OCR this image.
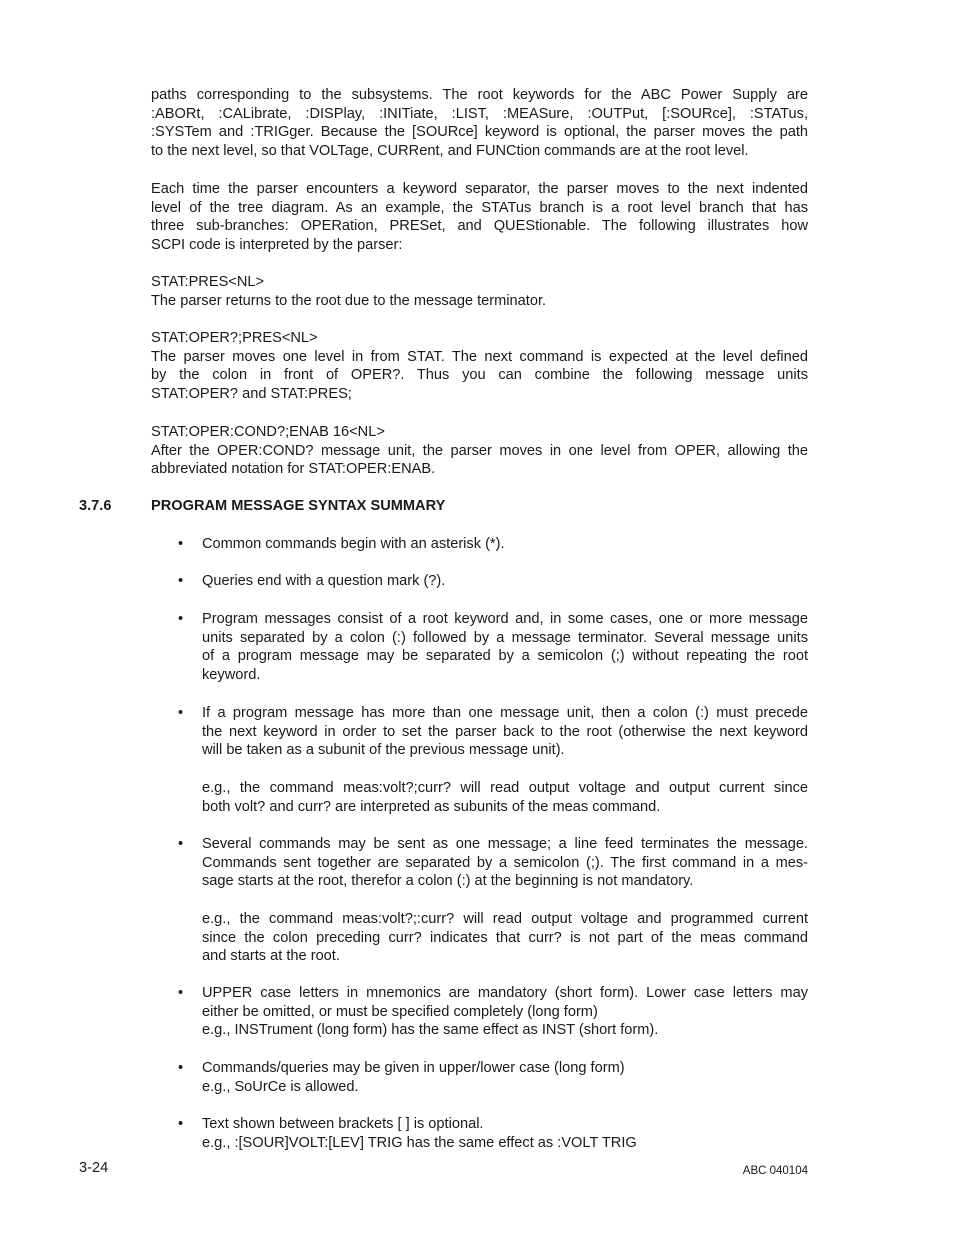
paths corresponding to the subsystems. The root keywords for the ABC Power Supply are
:ABORt, :CALibrate, :DISPlay, :INITiate, :LIST, :MEASure, :OUTPut, [:SOURce], :STATus,
:SYSTem and :TRIGger. Because the [SOURce] keyword is optional, the parser moves the path
to the next level, so that VOLTage, CURRent, and FUNCtion commands are at the root level.
Each time the parser encounters a keyword separator, the parser moves to the next indented
level of the tree diagram. As an example, the STATus branch is a root level branch that has
three sub-branches: OPERation, PRESet, and QUEStionable. The following illustrates how
SCPI code is interpreted by the parser:
STAT:PRES<NL>
The parser returns to the root due to the message terminator.
STAT:OPER?;PRES<NL>
The parser moves one level in from STAT. The next command is expected at the level defined
by the colon in front of OPER?. Thus you can combine the following message units
STAT:OPER? and STAT:PRES;
STAT:OPER:COND?;ENAB 16<NL>
After the OPER:COND? message unit, the parser moves in one level from OPER, allowing the
abbreviated notation for STAT:OPER:ENAB.
3.7.6	PROGRAM MESSAGE SYNTAX SUMMARY
• Common commands begin with an asterisk (*).
• Queries end with a question mark (?).
• Program messages consist of a root keyword and, in some cases, one or more message
units separated by a colon (:) followed by a message terminator. Several message units
of a program message may be separated by a semicolon (;) without repeating the root
keyword.
• If a program message has more than one message unit, then a colon (:) must precede
the next keyword in order to set the parser back to the root (otherwise the next keyword
will be taken as a subunit of the previous message unit).
e.g., the command meas:volt?;curr? will read output voltage and output current since
both volt? and curr? are interpreted as subunits of the meas command.
• Several commands may be sent as one message; a line feed terminates the message.
Commands sent together are separated by a semicolon (;). The first command in a mes-
sage starts at the root, therefor a colon (:) at the beginning is not mandatory.
e.g., the command meas:volt?;:curr? will read output voltage and programmed current
since the colon preceding curr? indicates that curr? is not part of the meas command
and starts at the root.
• UPPER case letters in mnemonics are mandatory (short form). Lower case letters may
either be omitted, or must be specified completely (long form)
e.g., INSTrument (long form) has the same effect as INST (short form).
• Commands/queries may be given in upper/lower case (long form)
e.g., SoUrCe is allowed.
• Text shown between brackets [ ] is optional.
e.g., :[SOUR]VOLT:[LEV] TRIG has the same effect as :VOLT TRIG
3-24	ABC 040104
